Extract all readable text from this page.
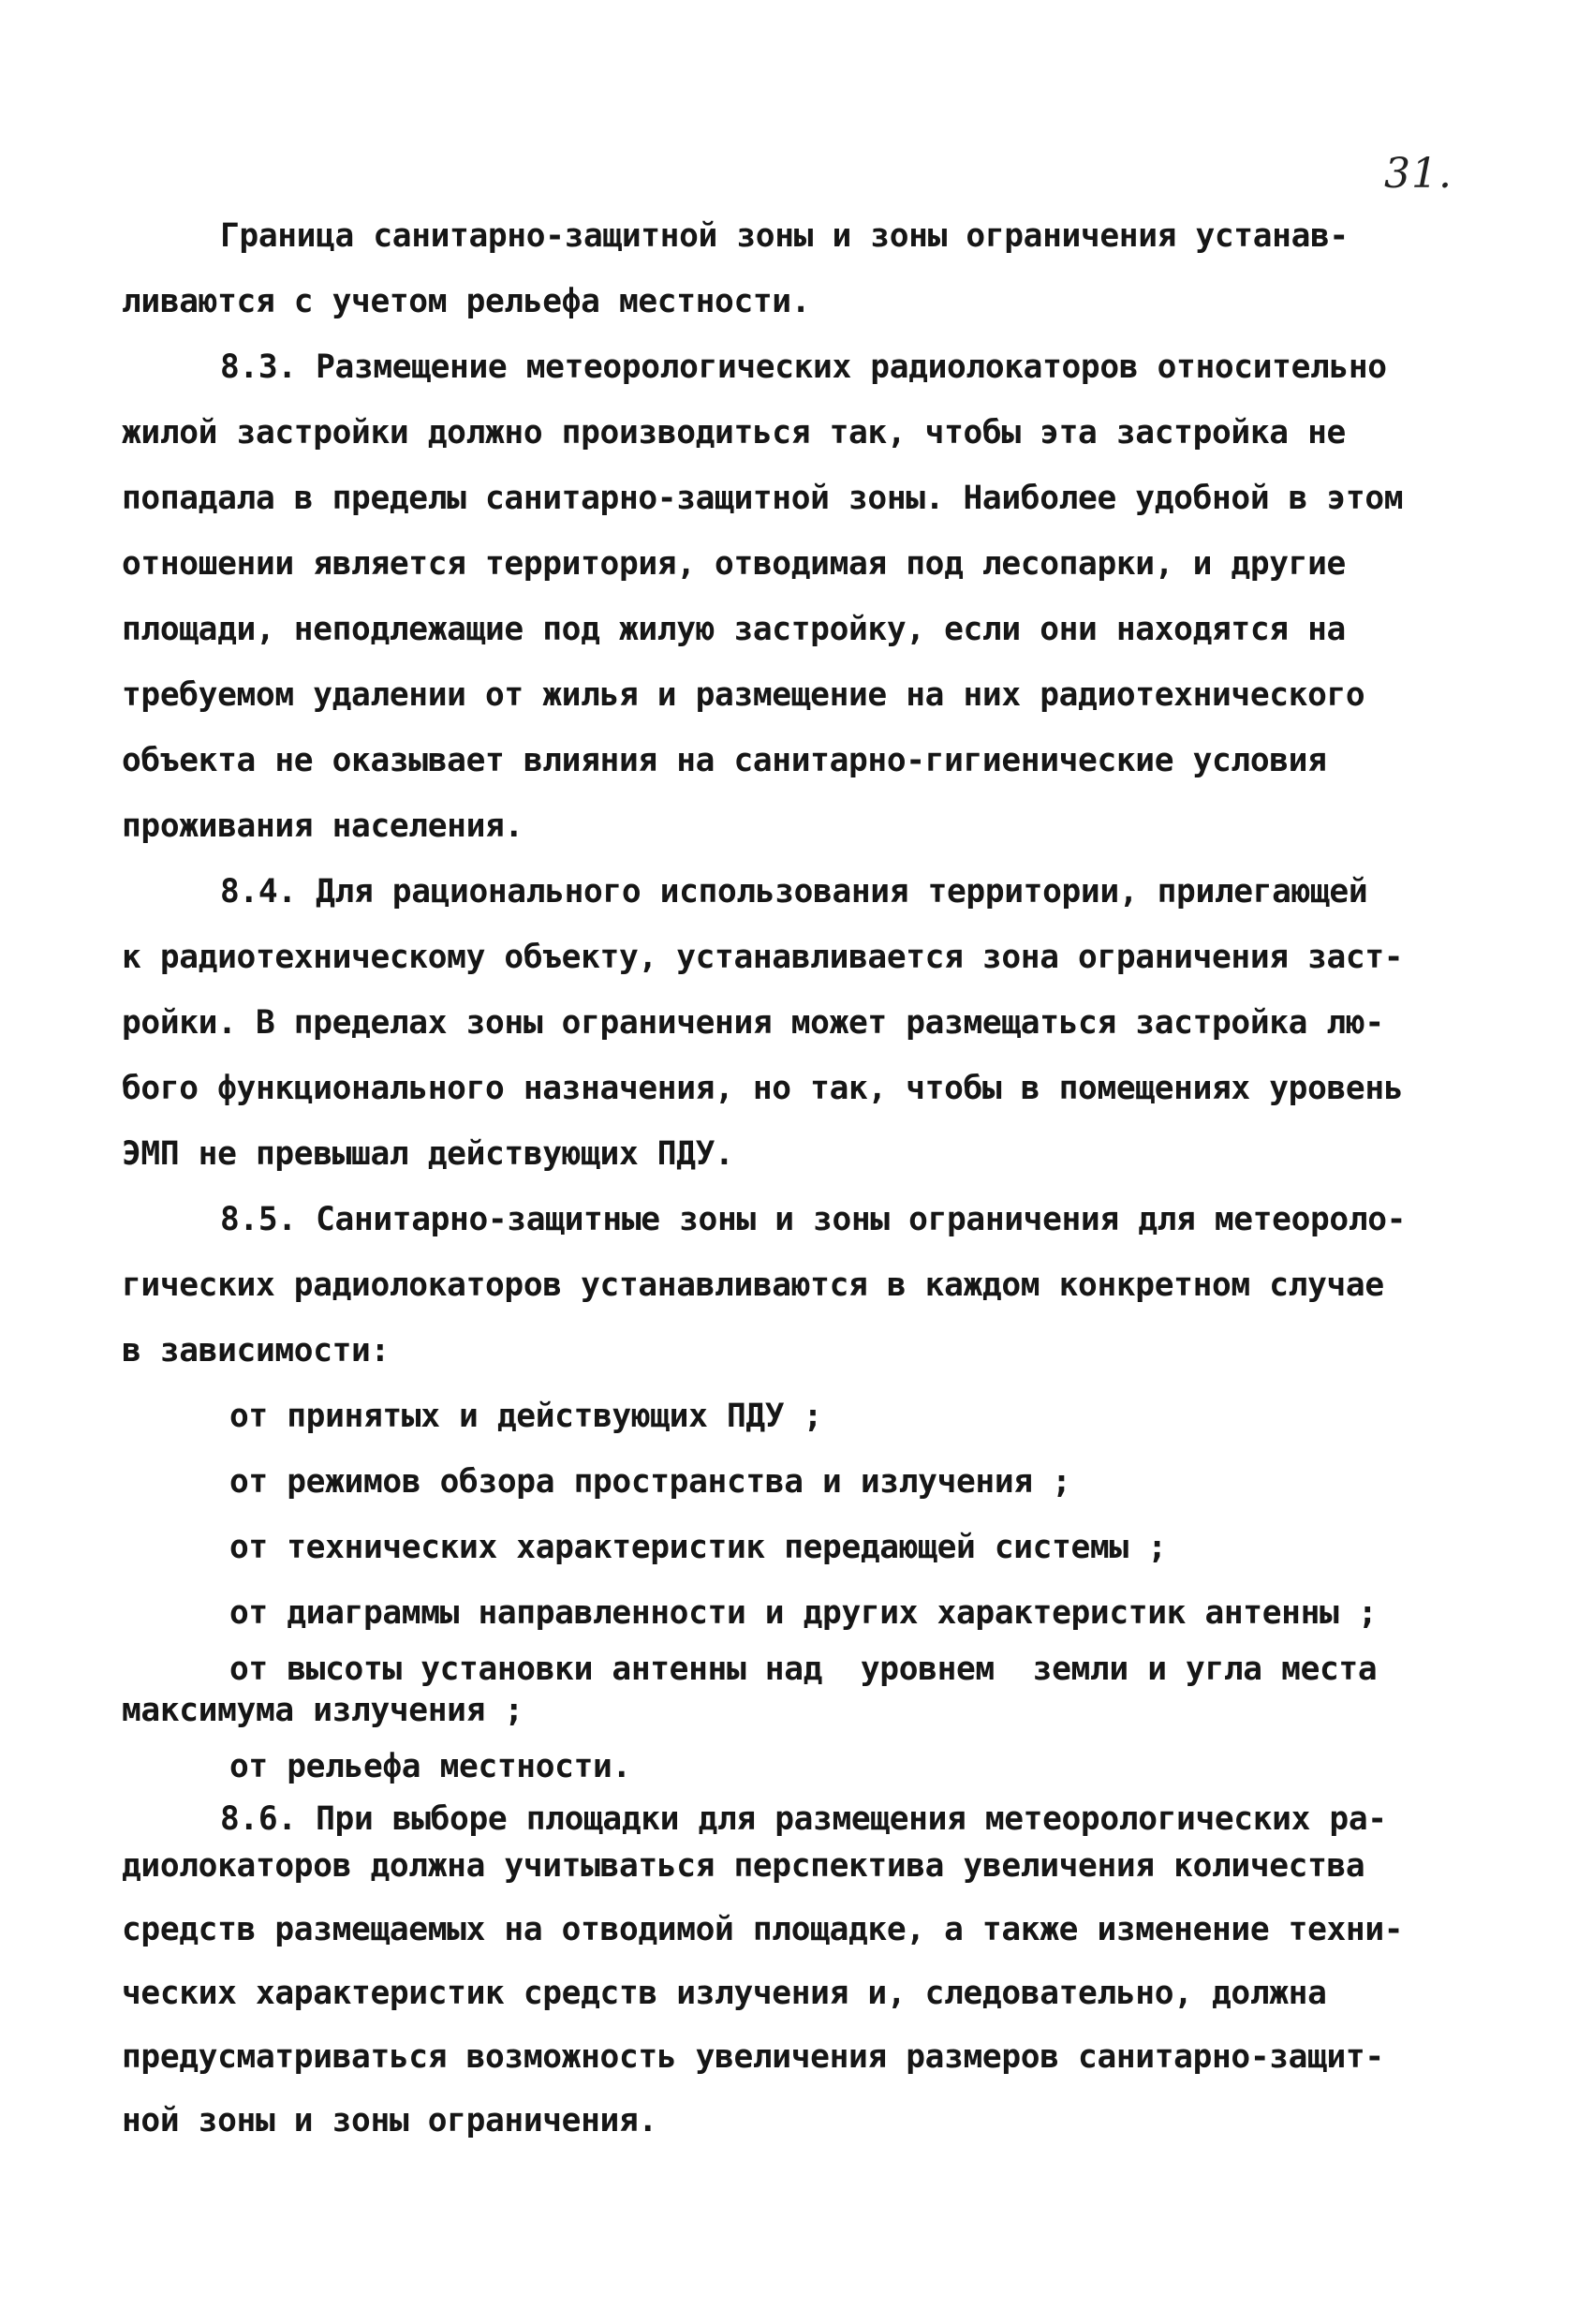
31.
Граница санитарно-защитной зоны и зоны ограничения устанав-
ливаются с учетом рельефа местности.
8.3. Размещение метеорологических радиолокаторов относительно
жилой застройки должно производиться так, чтобы эта застройка не
попадала в пределы санитарно-защитной зоны. Наиболее удобной в этом
отношении является территория, отводимая под лесопарки, и другие
площади, неподлежащие под жилую застройку, если они находятся на
требуемом удалении от жилья и размещение на них радиотехнического
объекта не оказывает влияния на санитарно-гигиенические условия
проживания населения.
8.4. Для рационального использования территории, прилегающей
к радиотехническому объекту, устанавливается зона ограничения заст-
ройки. В пределах зоны ограничения может размещаться застройка лю-
бого функционального назначения, но так, чтобы в помещениях уровень
ЭМП не превышал действующих ПДУ.
8.5. Санитарно-защитные зоны и зоны ограничения для метеороло-
гических радиолокаторов устанавливаются в каждом конкретном случае
в зависимости:
от принятых и действующих ПДУ ;
от режимов обзора пространства и излучения ;
от технических характеристик передающей системы ;
от диаграммы направленности и других характеристик антенны ;
от высоты установки антенны над  уровнем  земли и угла места
максимума излучения ;
от рельефа местности.
8.6. При выборе площадки для размещения метеорологических ра-
диолокаторов должна учитываться перспектива увеличения количества
средств размещаемых на отводимой площадке, а также изменение техни-
ческих характеристик средств излучения и, следовательно, должна
предусматриваться возможность увеличения размеров санитарно-защит-
ной зоны и зоны ограничения.
